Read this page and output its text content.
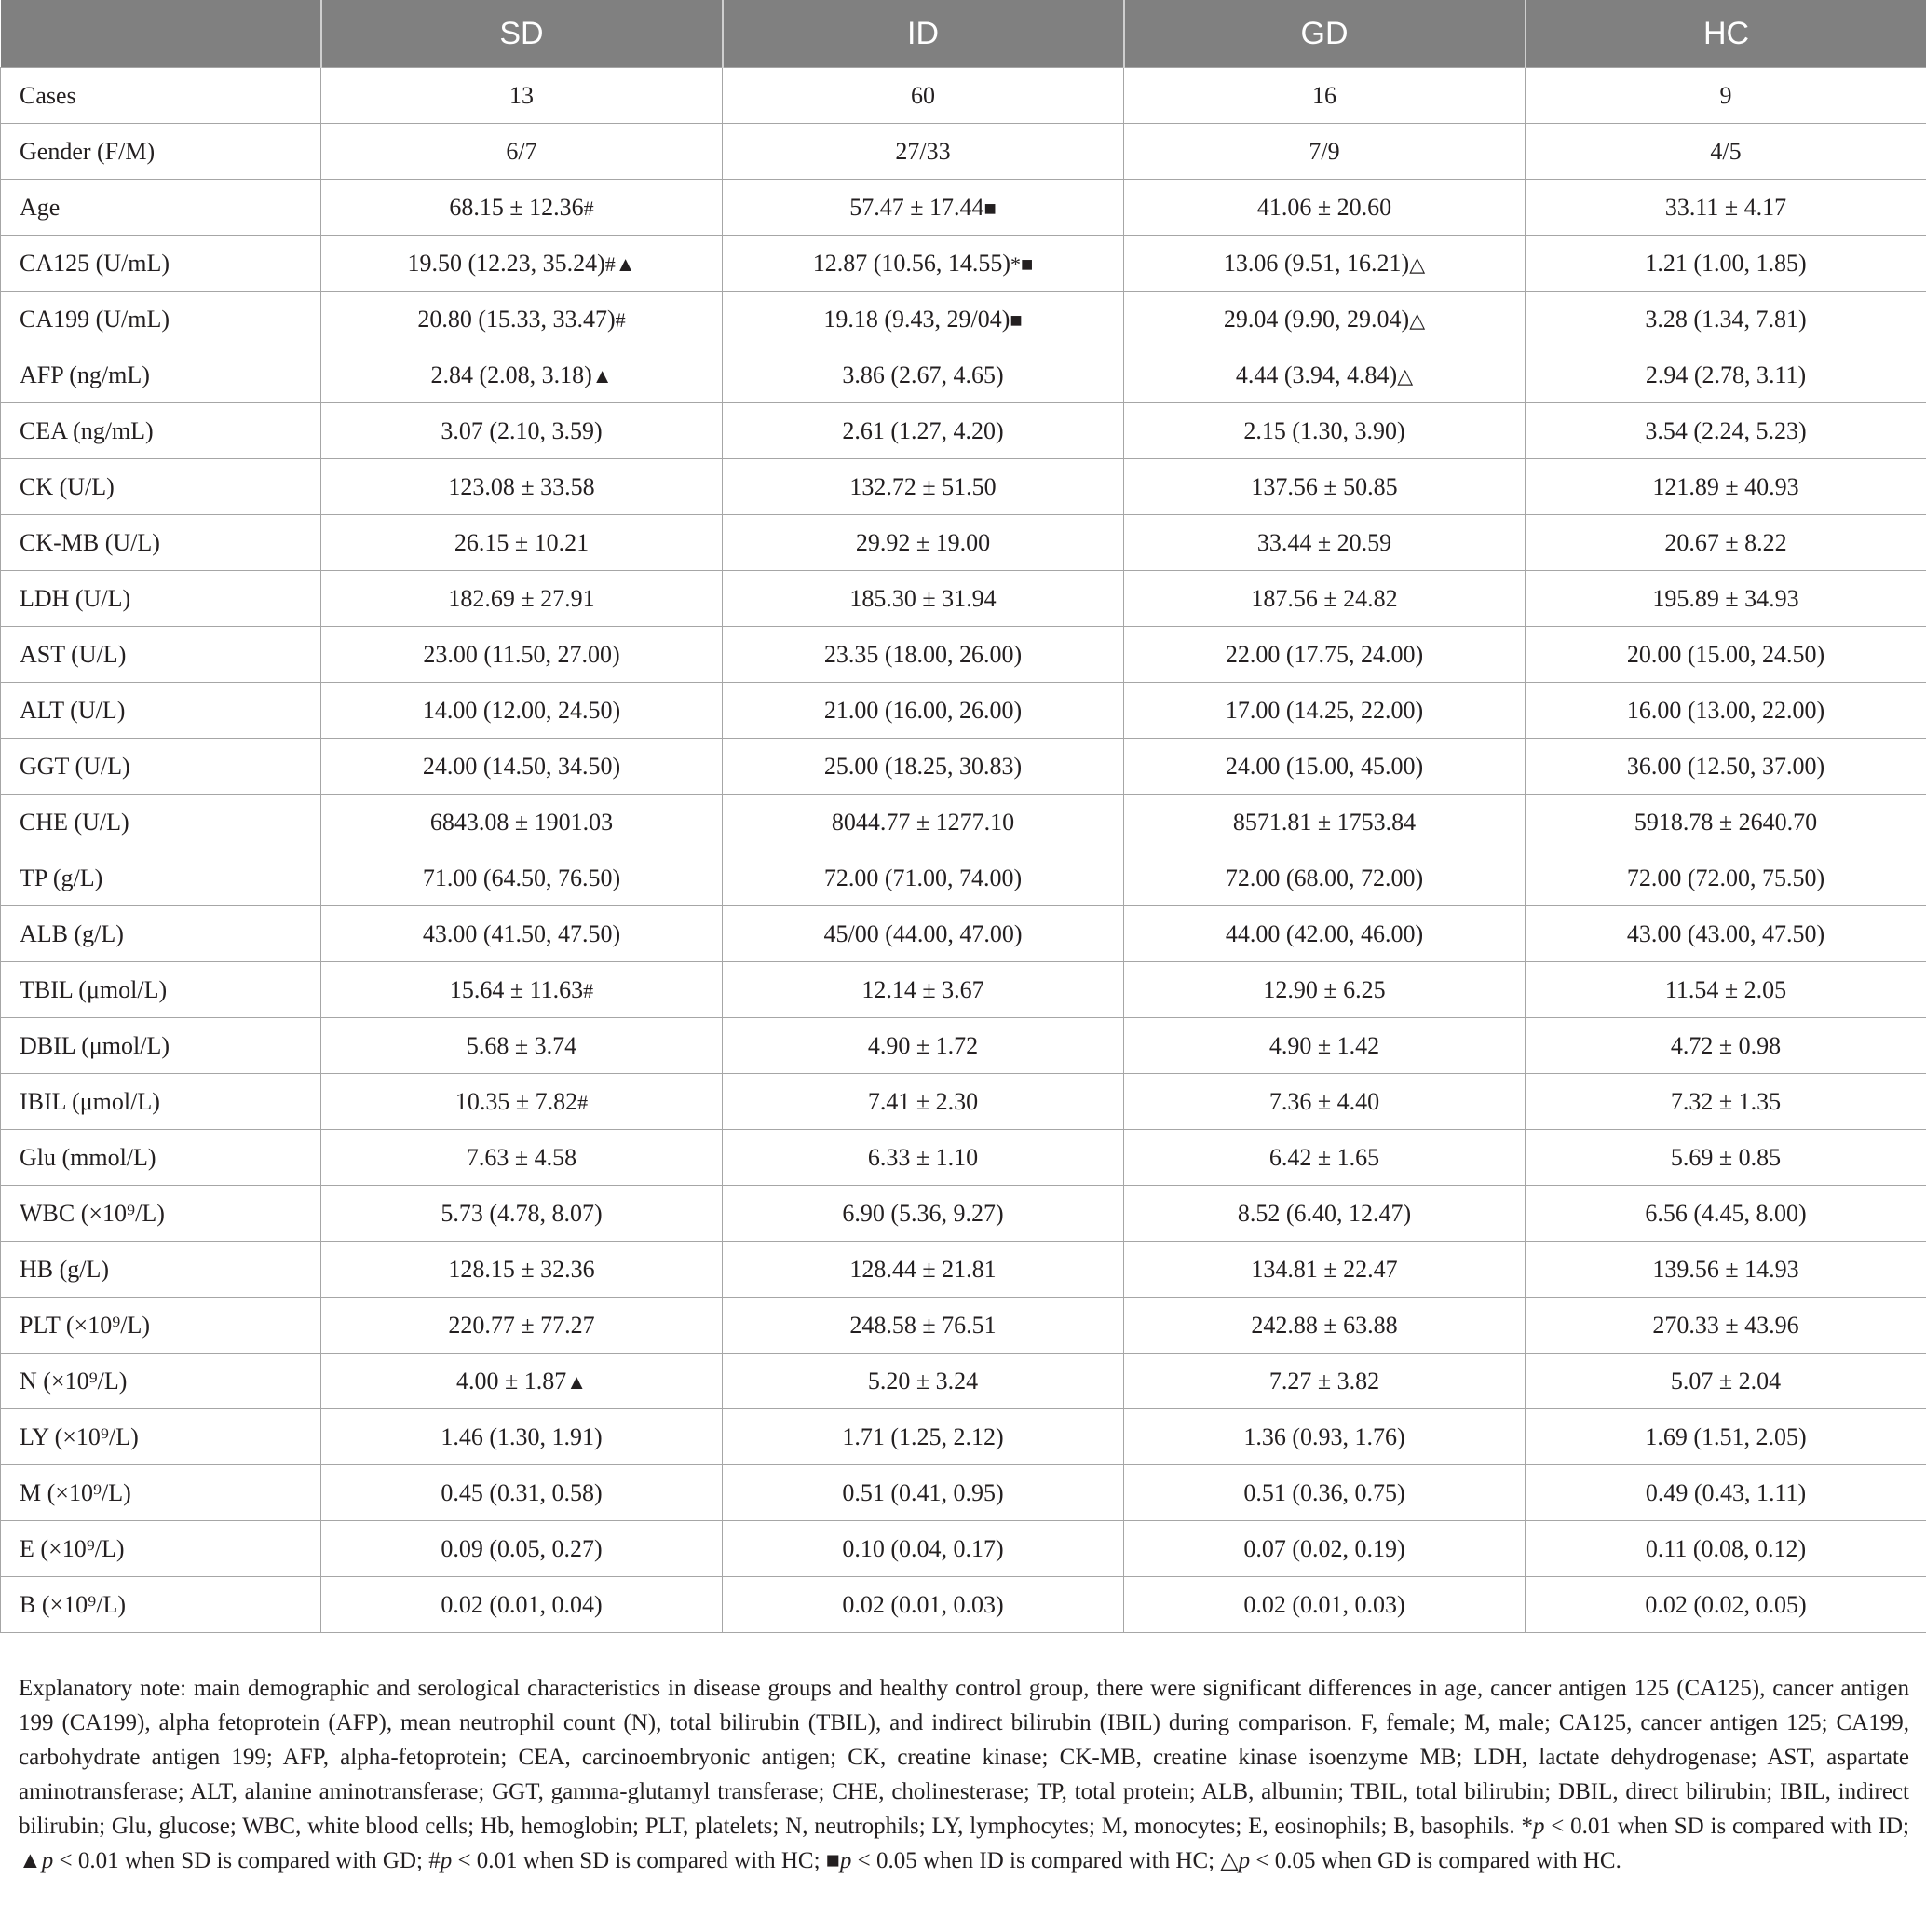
	SD	ID	GD	HC
Cases	13	60	16	9
Gender (F/M)	6/7	27/33	7/9	4/5
Age	68.15 ± 12.36#	57.47 ± 17.44■	41.06 ± 20.60	33.11 ± 4.17
CA125 (U/mL)	19.50 (12.23, 35.24)#▲	12.87 (10.56, 14.55)*■	13.06 (9.51, 16.21)△	1.21 (1.00, 1.85)
CA199 (U/mL)	20.80 (15.33, 33.47)#	19.18 (9.43, 29/04)■	29.04 (9.90, 29.04)△	3.28 (1.34, 7.81)
AFP (ng/mL)	2.84 (2.08, 3.18)▲	3.86 (2.67, 4.65)	4.44 (3.94, 4.84)△	2.94 (2.78, 3.11)
CEA (ng/mL)	3.07 (2.10, 3.59)	2.61 (1.27, 4.20)	2.15 (1.30, 3.90)	3.54 (2.24, 5.23)
CK (U/L)	123.08 ± 33.58	132.72 ± 51.50	137.56 ± 50.85	121.89 ± 40.93
CK-MB (U/L)	26.15 ± 10.21	29.92 ± 19.00	33.44 ± 20.59	20.67 ± 8.22
LDH (U/L)	182.69 ± 27.91	185.30 ± 31.94	187.56 ± 24.82	195.89 ± 34.93
AST (U/L)	23.00 (11.50, 27.00)	23.35 (18.00, 26.00)	22.00 (17.75, 24.00)	20.00 (15.00, 24.50)
ALT (U/L)	14.00 (12.00, 24.50)	21.00 (16.00, 26.00)	17.00 (14.25, 22.00)	16.00 (13.00, 22.00)
GGT (U/L)	24.00 (14.50, 34.50)	25.00 (18.25, 30.83)	24.00 (15.00, 45.00)	36.00 (12.50, 37.00)
CHE (U/L)	6843.08 ± 1901.03	8044.77 ± 1277.10	8571.81 ± 1753.84	5918.78 ± 2640.70
TP (g/L)	71.00 (64.50, 76.50)	72.00 (71.00, 74.00)	72.00 (68.00, 72.00)	72.00 (72.00, 75.50)
ALB (g/L)	43.00 (41.50, 47.50)	45/00 (44.00, 47.00)	44.00 (42.00, 46.00)	43.00 (43.00, 47.50)
TBIL (μmol/L)	15.64 ± 11.63#	12.14 ± 3.67	12.90 ± 6.25	11.54 ± 2.05
DBIL (μmol/L)	5.68 ± 3.74	4.90 ± 1.72	4.90 ± 1.42	4.72 ± 0.98
IBIL (μmol/L)	10.35 ± 7.82#	7.41 ± 2.30	7.36 ± 4.40	7.32 ± 1.35
Glu (mmol/L)	7.63 ± 4.58	6.33 ± 1.10	6.42 ± 1.65	5.69 ± 0.85
WBC (×10⁹/L)	5.73 (4.78, 8.07)	6.90 (5.36, 9.27)	8.52 (6.40, 12.47)	6.56 (4.45, 8.00)
HB (g/L)	128.15 ± 32.36	128.44 ± 21.81	134.81 ± 22.47	139.56 ± 14.93
PLT (×10⁹/L)	220.77 ± 77.27	248.58 ± 76.51	242.88 ± 63.88	270.33 ± 43.96
N (×10⁹/L)	4.00 ± 1.87▲	5.20 ± 3.24	7.27 ± 3.82	5.07 ± 2.04
LY (×10⁹/L)	1.46 (1.30, 1.91)	1.71 (1.25, 2.12)	1.36 (0.93, 1.76)	1.69 (1.51, 2.05)
M (×10⁹/L)	0.45 (0.31, 0.58)	0.51 (0.41, 0.95)	0.51 (0.36, 0.75)	0.49 (0.43, 1.11)
E (×10⁹/L)	0.09 (0.05, 0.27)	0.10 (0.04, 0.17)	0.07 (0.02, 0.19)	0.11 (0.08, 0.12)
B (×10⁹/L)	0.02 (0.01, 0.04)	0.02 (0.01, 0.03)	0.02 (0.01, 0.03)	0.02 (0.02, 0.05)
Explanatory note: main demographic and serological characteristics in disease groups and healthy control group, there were significant differences in age, cancer antigen 125 (CA125), cancer antigen 199 (CA199), alpha fetoprotein (AFP), mean neutrophil count (N), total bilirubin (TBIL), and indirect bilirubin (IBIL) during comparison. F, female; M, male; CA125, cancer antigen 125; CA199, carbohydrate antigen 199; AFP, alpha-fetoprotein; CEA, carcinoembryonic antigen; CK, creatine kinase; CK-MB, creatine kinase isoenzyme MB; LDH, lactate dehydrogenase; AST, aspartate aminotransferase; ALT, alanine aminotransferase; GGT, gamma-glutamyl transferase; CHE, cholinesterase; TP, total protein; ALB, albumin; TBIL, total bilirubin; DBIL, direct bilirubin; IBIL, indirect bilirubin; Glu, glucose; WBC, white blood cells; Hb, hemoglobin; PLT, platelets; N, neutrophils; LY, lymphocytes; M, monocytes; E, eosinophils; B, basophils. *p < 0.01 when SD is compared with ID; ▲p < 0.01 when SD is compared with GD; #p < 0.01 when SD is compared with HC; ■p < 0.05 when ID is compared with HC; △p < 0.05 when GD is compared with HC.
